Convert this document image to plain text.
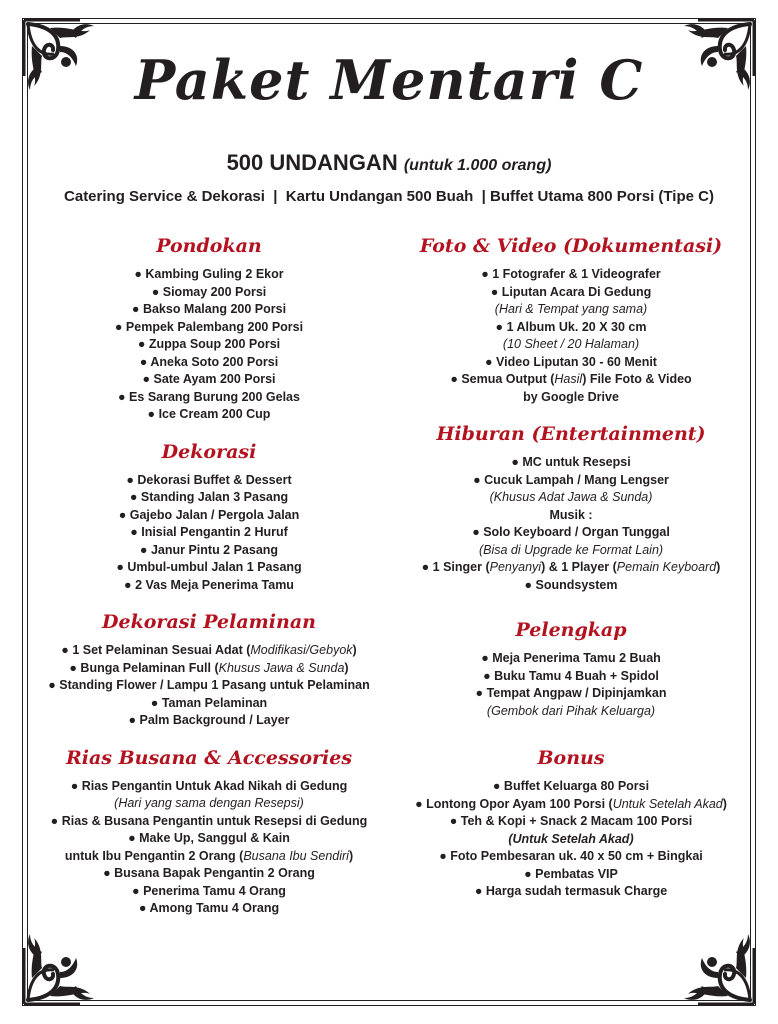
Paket Mentari C

500 UNDANGAN (untuk 1.000 orang)

Catering Service & Dekorasi  |  Kartu Undangan 500 Buah  | Buffet Utama 800 Porsi (Tipe C)

Pondokan
● Kambing Guling 2 Ekor
● Siomay 200 Porsi
● Bakso Malang 200 Porsi
● Pempek Palembang 200 Porsi
● Zuppa Soup 200 Porsi
● Aneka Soto 200 Porsi
● Sate Ayam 200 Porsi
● Es Sarang Burung 200 Gelas
● Ice Cream 200 Cup
Dekorasi
● Dekorasi Buffet & Dessert
● Standing Jalan 3 Pasang
● Gajebo Jalan / Pergola Jalan
● Inisial Pengantin 2 Huruf
● Janur Pintu 2 Pasang
● Umbul-umbul Jalan 1 Pasang
● 2 Vas Meja Penerima Tamu
Dekorasi Pelaminan
● 1 Set Pelaminan Sesuai Adat (Modifikasi/Gebyok)
● Bunga Pelaminan Full (Khusus Jawa & Sunda)
● Standing Flower / Lampu 1 Pasang untuk Pelaminan
● Taman Pelaminan
● Palm Background / Layer
Rias Busana & Accessories
● Rias Pengantin Untuk Akad Nikah di Gedung
(Hari yang sama dengan Resepsi)
● Rias & Busana Pengantin untuk Resepsi di Gedung
● Make Up, Sanggul & Kain
untuk Ibu Pengantin 2 Orang (Busana Ibu Sendiri)
● Busana Bapak Pengantin 2 Orang
● Penerima Tamu 4 Orang
● Among Tamu 4 Orang
Foto & Video (Dokumentasi)
● 1 Fotografer & 1 Videografer
● Liputan Acara Di Gedung
(Hari & Tempat yang sama)
● 1 Album Uk. 20 X 30 cm
(10 Sheet / 20 Halaman)
● Video Liputan 30 - 60 Menit
● Semua Output (Hasil) File Foto & Video
by Google Drive
Hiburan (Entertainment)
● MC untuk Resepsi
● Cucuk Lampah / Mang Lengser
(Khusus Adat Jawa & Sunda)
Musik :
● Solo Keyboard / Organ Tunggal
(Bisa di Upgrade ke Format Lain)
● 1 Singer (Penyanyi) & 1 Player (Pemain Keyboard)
● Soundsystem
Pelengkap
● Meja Penerima Tamu 2 Buah
● Buku Tamu 4 Buah + Spidol
● Tempat Angpaw / Dipinjamkan
(Gembok dari Pihak Keluarga)
Bonus
● Buffet Keluarga 80 Porsi
● Lontong Opor Ayam 100 Porsi (Untuk Setelah Akad)
● Teh & Kopi + Snack 2 Macam 100 Porsi
(Untuk Setelah Akad)
● Foto Pembesaran uk. 40 x 50 cm + Bingkai
● Pembatas VIP
● Harga sudah termasuk Charge
